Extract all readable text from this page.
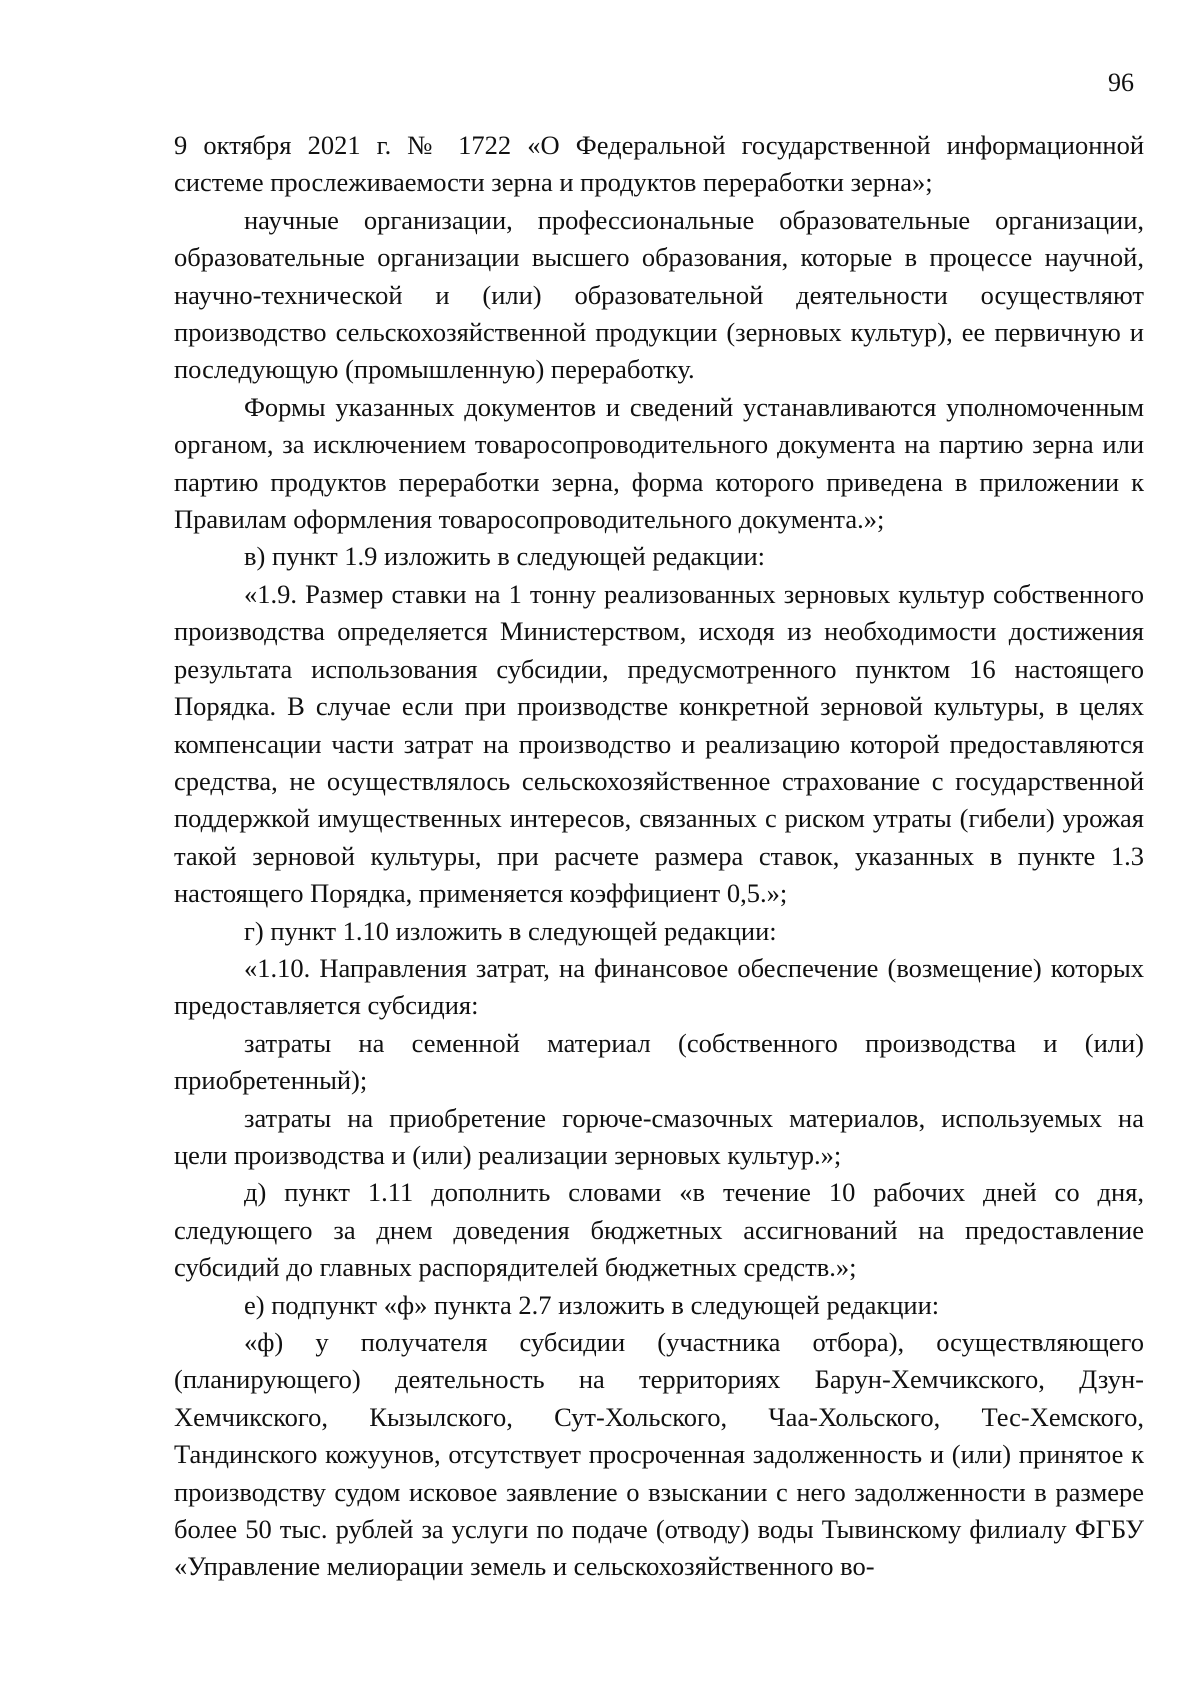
96

9 октября 2021 г. № 1722 «О Федеральной государственной информационной системе прослеживаемости зерна и продуктов переработки зерна»;

научные организации, профессиональные образовательные организации, образовательные организации высшего образования, которые в процессе научной, научно-технической и (или) образовательной деятельности осуществляют производство сельскохозяйственной продукции (зерновых культур), ее первичную и последующую (промышленную) переработку.

Формы указанных документов и сведений устанавливаются уполномоченным органом, за исключением товаросопроводительного документа на партию зерна или партию продуктов переработки зерна, форма которого приведена в приложении к Правилам оформления товаросопроводительного документа.»;

в) пункт 1.9 изложить в следующей редакции:

«1.9. Размер ставки на 1 тонну реализованных зерновых культур собственного производства определяется Министерством, исходя из необходимости достижения результата использования субсидии, предусмотренного пунктом 16 настоящего Порядка. В случае если при производстве конкретной зерновой культуры, в целях компенсации части затрат на производство и реализацию которой предоставляются средства, не осуществлялось сельскохозяйственное страхование с государственной поддержкой имущественных интересов, связанных с риском утраты (гибели) урожая такой зерновой культуры, при расчете размера ставок, указанных в пункте 1.3 настоящего Порядка, применяется коэффициент 0,5.»;

г) пункт 1.10 изложить в следующей редакции:

«1.10. Направления затрат, на финансовое обеспечение (возмещение) которых предоставляется субсидия:

затраты на семенной материал (собственного производства и (или) приобретенный);

затраты на приобретение горюче-смазочных материалов, используемых на цели производства и (или) реализации зерновых культур.»;

д) пункт 1.11 дополнить словами «в течение 10 рабочих дней со дня, следующего за днем доведения бюджетных ассигнований на предоставление субсидий до главных распорядителей бюджетных средств.»;

е) подпункт «ф» пункта 2.7 изложить в следующей редакции:

«ф) у получателя субсидии (участника отбора), осуществляющего (планирующего) деятельность на территориях Барун-Хемчикского, Дзун-Хемчикского, Кызылского, Сут-Хольского, Чаа-Хольского, Тес-Хемского, Тандинского кожуунов, отсутствует просроченная задолженность и (или) принятое к производству судом исковое заявление о взыскании с него задолженности в размере более 50 тыс. рублей за услуги по подаче (отводу) воды Тывинскому филиалу ФГБУ «Управление мелиорации земель и сельскохозяйственного во-
